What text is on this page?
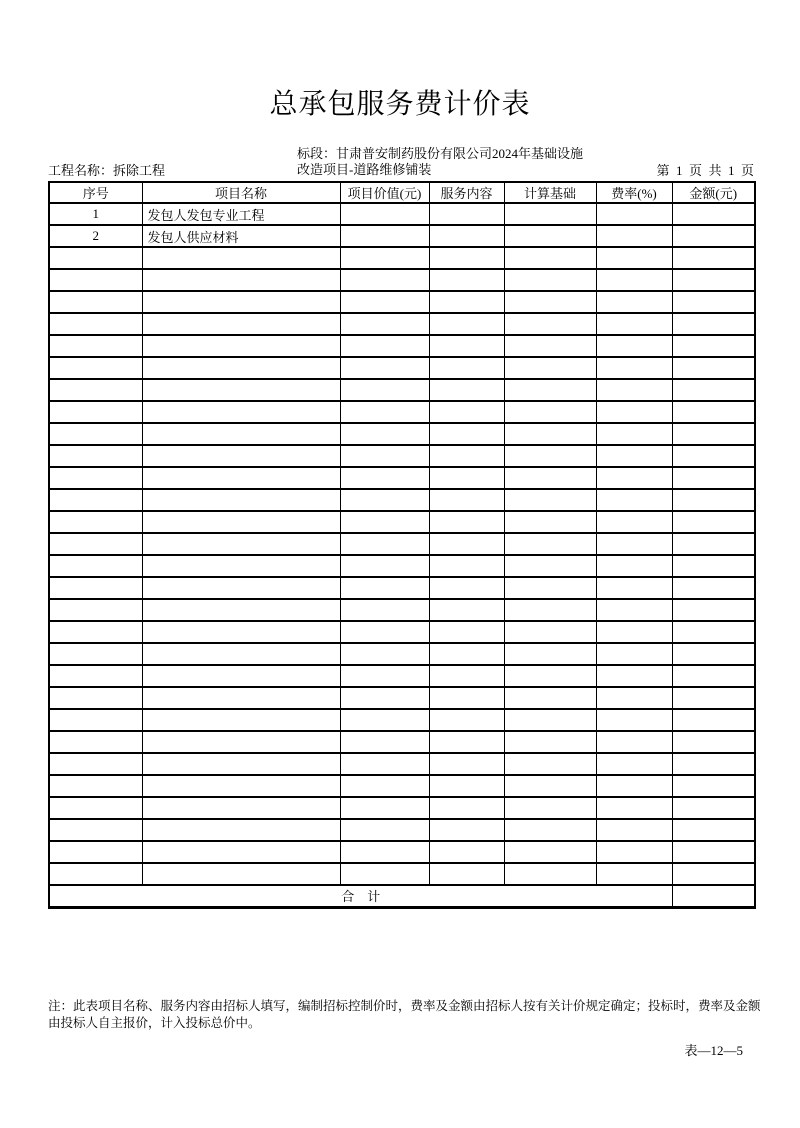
总承包服务费计价表
工程名称：拆除工程
标段：甘肃普安制药股份有限公司2024年基础设施
改造项目-道路维修铺装	第  1  页  共  1  页
序号	项目名称	项目价值(元)	服务内容	计算基础	费率(%)	金额(元)
1	发包人发包专业工程					
2	发包人供应材料					

合    计						
注：此表项目名称、服务内容由招标人填写，编制招标控制价时，费率及金额由招标人按有关计价规定确定；投标时，费率及金额
由投标人自主报价，计入投标总价中。
表—12—5
